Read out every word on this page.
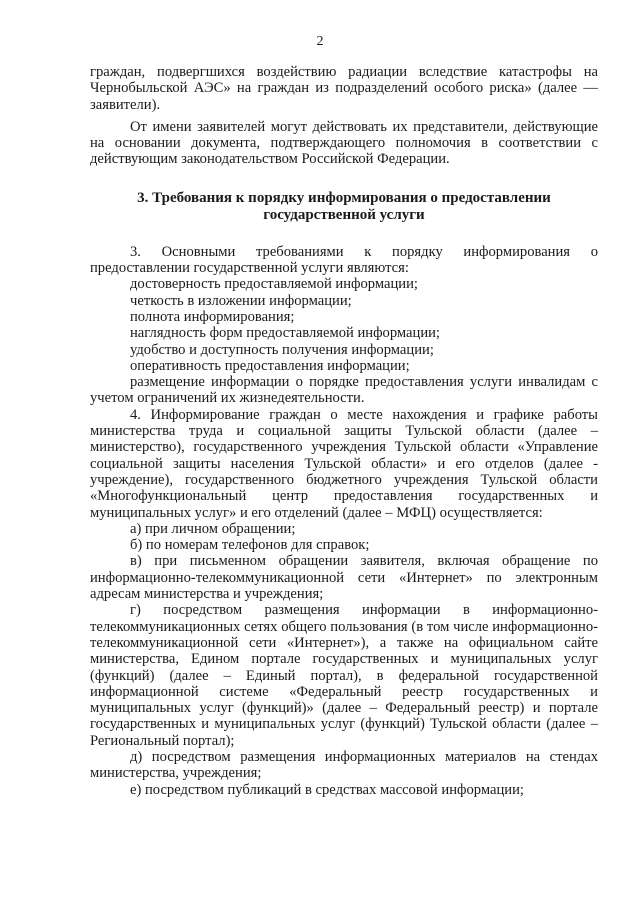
2

граждан, подвергшихся воздействию радиации вследствие катастрофы на Чернобыльской АЭС» на граждан из подразделений особого риска» (далее — заявители).

От имени заявителей могут действовать их представители, действующие на основании документа, подтверждающего полномочия в соответствии с действующим законодательством Российской Федерации.

3. Требования к порядку информирования о предоставлении государственной услуги

3. Основными требованиями к порядку информирования о предоставлении государственной услуги являются:

достоверность предоставляемой информации;

четкость в изложении информации;

полнота информирования;

наглядность форм предоставляемой информации;

удобство и доступность получения информации;

оперативность предоставления информации;

размещение информации о порядке предоставления услуги инвалидам с учетом ограничений их жизнедеятельности.

4. Информирование граждан о месте нахождения и графике работы министерства труда и социальной защиты Тульской области (далее – министерство), государственного учреждения Тульской области «Управление социальной защиты населения Тульской области» и его отделов (далее - учреждение), государственного бюджетного учреждения Тульской области «Многофункциональный центр предоставления государственных и муниципальных услуг» и его отделений (далее – МФЦ) осуществляется:

а) при личном обращении;

б) по номерам телефонов для справок;

в) при письменном обращении заявителя, включая обращение по информационно-телекоммуникационной сети «Интернет» по электронным адресам министерства и учреждения;

г) посредством размещения информации в информационно-телекоммуникационных сетях общего пользования (в том числе информационно-телекоммуникационной сети «Интернет»), а также на официальном сайте министерства, Едином портале государственных и муниципальных услуг (функций) (далее – Единый портал), в федеральной государственной информационной системе «Федеральный реестр государственных и муниципальных услуг (функций)» (далее – Федеральный реестр) и портале государственных и муниципальных услуг (функций) Тульской области (далее – Региональный портал);

д) посредством размещения информационных материалов на стендах министерства, учреждения;

е) посредством публикаций в средствах массовой информации;
